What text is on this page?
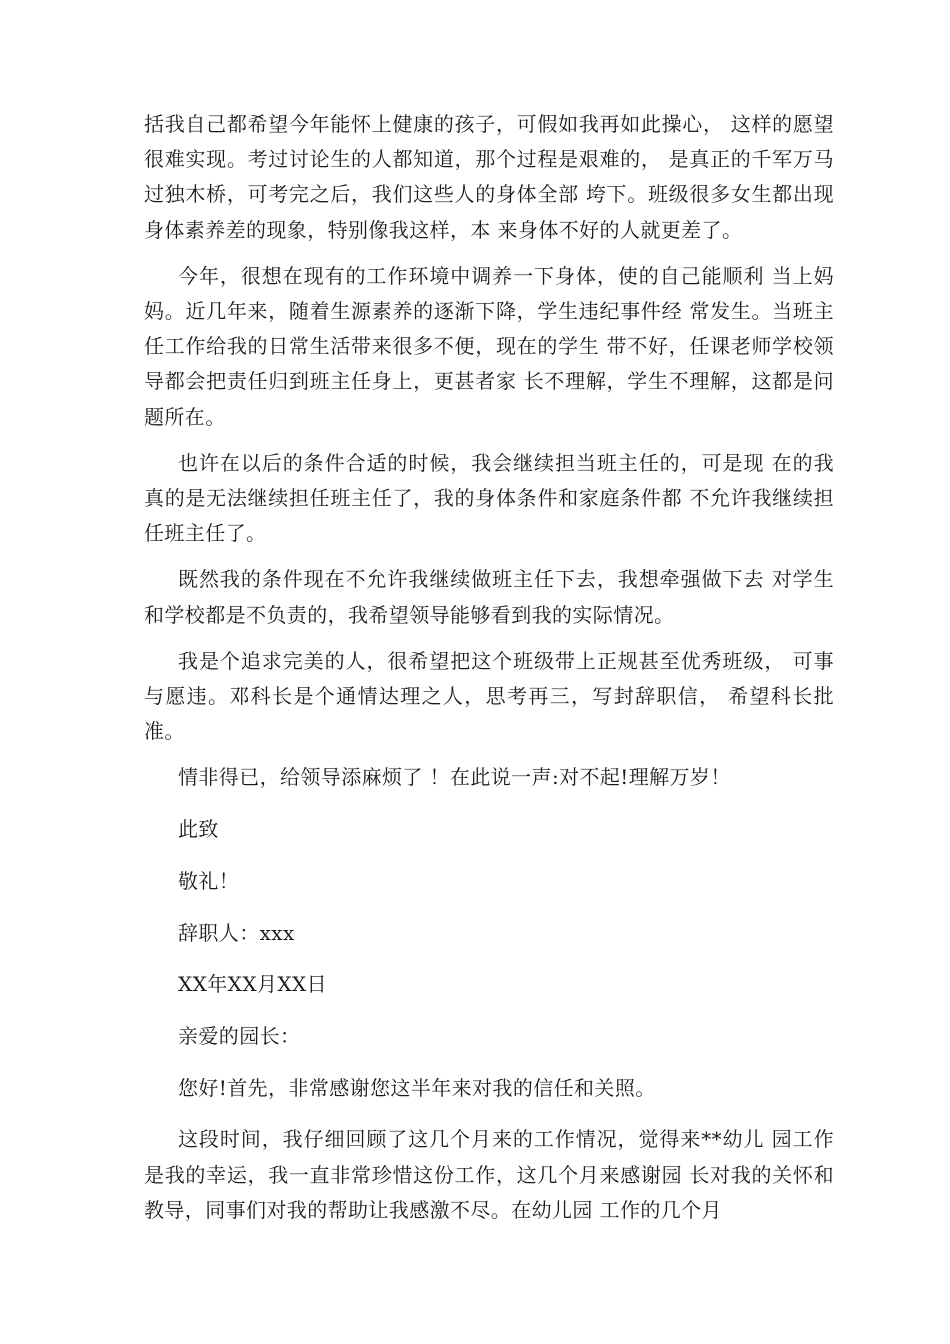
括我自己都希望今年能怀上健康的孩子，可假如我再如此操心， 这样的愿望很难实现。考过讨论生的人都知道，那个过程是艰难的， 是真正的千军万马过独木桥，可考完之后，我们这些人的身体全部 垮下。班级很多女生都出现身体素养差的现象，特别像我这样，本 来身体不好的人就更差了。

今年，很想在现有的工作环境中调养一下身体，使的自己能顺利 当上妈妈。近几年来，随着生源素养的逐渐下降，学生违纪事件经 常发生。当班主任工作给我的日常生活带来很多不便，现在的学生 带不好，任课老师学校领导都会把责任归到班主任身上，更甚者家 长不理解，学生不理解，这都是问题所在。

也许在以后的条件合适的时候，我会继续担当班主任的，可是现 在的我真的是无法继续担任班主任了，我的身体条件和家庭条件都 不允许我继续担任班主任了。

既然我的条件现在不允许我继续做班主任下去，我想牵强做下去 对学生和学校都是不负责的，我希望领导能够看到我的实际情况。

我是个追求完美的人，很希望把这个班级带上正规甚至优秀班级， 可事与愿违。邓科长是个通情达理之人，思考再三，写封辞职信， 希望科长批准。

情非得已，给领导添麻烦了 ！在此说一声:对不起!理解万岁！

此致

敬礼！

辞职人：xxx

XX年XX月XX日

亲爱的园长：

您好!首先，非常感谢您这半年来对我的信任和关照。

这段时间，我仔细回顾了这几个月来的工作情况，觉得来**幼儿 园工作是我的幸运，我一直非常珍惜这份工作，这几个月来感谢园 长对我的关怀和教导，同事们对我的帮助让我感激不尽。在幼儿园 工作的几个月
